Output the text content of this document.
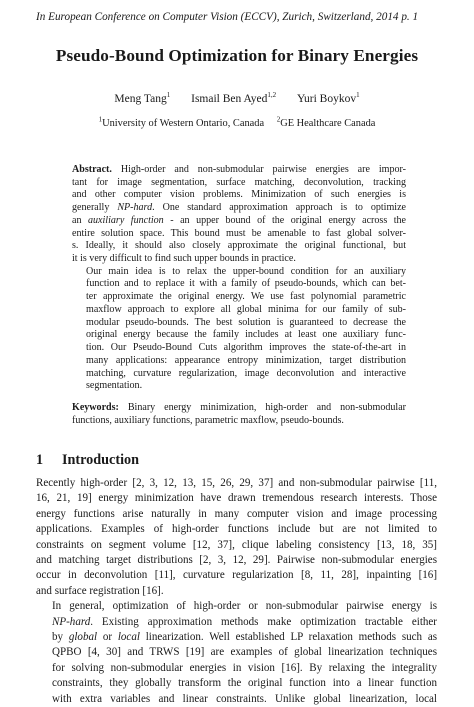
In European Conference on Computer Vision (ECCV), Zurich, Switzerland, 2014 p. 1
Pseudo-Bound Optimization for Binary Energies
Meng Tang$^1$ Ismail Ben Ayed$^{1,2}$ Yuri Boykov$^1$
$^1$University of Western Ontario, Canada $^2$GE Healthcare Canada

Abstract. High-order and non-submodular pairwise energies are impor-
tant for image segmentation, surface matching, deconvolution, tracking
and other computer vision problems. Minimization of such energies is
generally NP-hard. One standard approximation approach is to optimize
an auxiliary function - an upper bound of the original energy across the
entire solution space. This bound must be amenable to fast global solver-
s. Ideally, it should also closely approximate the original functional, but
it is very difficult to find such upper bounds in practice.

Our main idea is to relax the upper-bound condition for an auxiliary
function and to replace it with a family of pseudo-bounds, which can bet-
ter approximate the original energy. We use fast polynomial parametric
maxflow approach to explore all global minima for our family of sub-
modular pseudo-bounds. The best solution is guaranteed to decrease the
original energy because the family includes at least one auxiliary func-
tion. Our Pseudo-Bound Cuts algorithm improves the state-of-the-art in
many applications: appearance entropy minimization, target distribution
matching, curvature regularization, image deconvolution and interactive
segmentation.

Keywords: Binary energy minimization, high-order and non-submodular
functions, auxiliary functions, parametric maxflow, pseudo-bounds.
1 Introduction

Recently high-order [2, 3, 12, 13, 15, 26, 29, 37] and non-submodular pairwise [11,
16, 21, 19] energy minimization have drawn tremendous research interests. Those
energy functions arise naturally in many computer vision and image processing
applications. Examples of high-order functions include but are not limited to
constraints on segment volume [12, 37], clique labeling consistency [13, 18, 35]
and matching target distributions [2, 3, 12, 29]. Pairwise non-submodular energies
occur in deconvolution [11], curvature regularization [8, 11, 28], inpainting [16]
and surface registration [16].

In general, optimization of high-order or non-submodular pairwise energy is
NP-hard. Existing approximation methods make optimization tractable either
by global or local linearization. Well established LP relaxation methods such as
QPBO [4, 30] and TRWS [19] are examples of global linearization techniques
for solving non-submodular energies in vision [16]. By relaxing the integrality
constraints, they globally transform the original function into a linear function
with extra variables and linear constraints. Unlike global linearization, local
